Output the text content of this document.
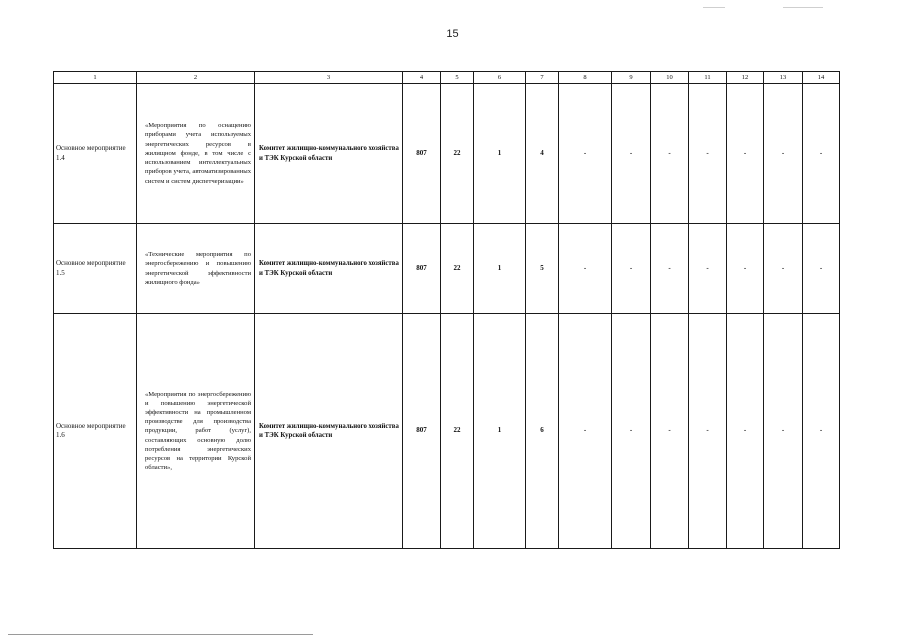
15
1	2	3	4	5	6	7	8	9	10	11	12	13	14
Основное мероприятие 1.4	«Мероприятия по оснащению приборами учета используемых энергетических ресурсов в жилищном фонде, в том числе с использованием интеллектуальных приборов учета, автоматизированных систем и систем диспетчеризации»	Комитет жилищно-коммунального хозяйства и ТЭК Курской области	807	22	1	4	-	-	-	-	-	-	-
Основное мероприятие 1.5	«Технические мероприятия по энергосбережению и повышению энергетической эффективности жилищного фонда»	Комитет жилищно-коммунального хозяйства и ТЭК Курской области	807	22	1	5	-	-	-	-	-	-	-
Основное мероприятие 1.6	«Мероприятия по энергосбережению и повышению энергетической эффективности на промышленном производстве для производства продукции, работ (услуг), составляющих основную долю потребления энергетических ресурсов на территории Курской области»,	Комитет жилищно-коммунального хозяйства и ТЭК Курской области	807	22	1	6	-	-	-	-	-	-	-
